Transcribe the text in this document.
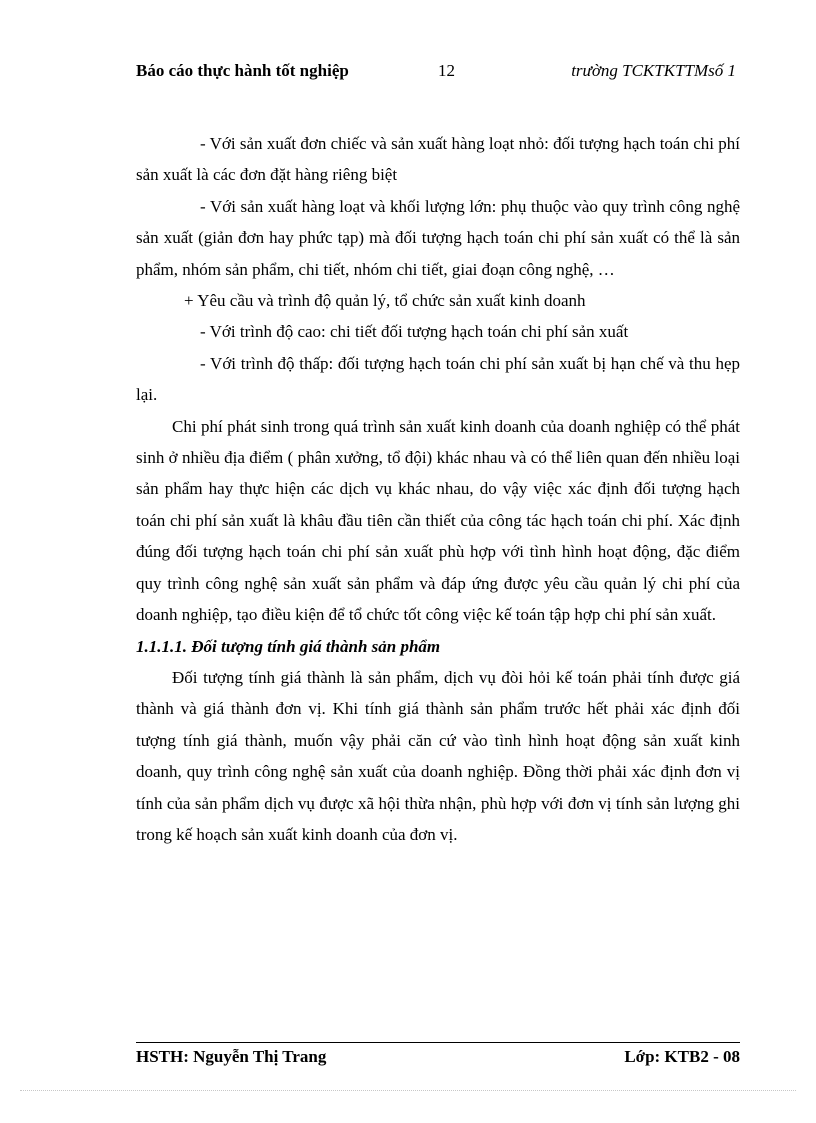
Báo cáo thực hành tốt nghiệp	12	trường TCKTKTTMsố 1

- Với sản xuất đơn chiếc và sản xuất hàng loạt nhỏ: đối tượng hạch toán chi phí sản xuất là các đơn đặt hàng riêng biệt

- Với sản xuất hàng loạt và khối lượng lớn: phụ thuộc vào quy trình công nghệ sản xuất (giản đơn hay phức tạp) mà đối tượng hạch toán chi phí sản xuất có thể là sản phẩm, nhóm sản phẩm, chi tiết, nhóm chi tiết, giai đoạn công nghệ, …

+ Yêu cầu và trình độ quản lý, tổ chức sản xuất kinh doanh

- Với trình độ cao: chi tiết đối tượng hạch toán chi phí sản xuất

- Với trình độ thấp: đối tượng hạch toán chi phí sản xuất bị hạn chế và thu hẹp lại.

Chi phí phát sinh trong quá trình sản xuất kinh doanh của doanh nghiệp có thể phát sinh ở nhiều địa điểm ( phân xưởng, tổ đội) khác nhau và có thể liên quan đến nhiều loại sản phẩm hay thực hiện các dịch vụ khác nhau, do vậy việc xác định đối tượng hạch toán chi phí sản xuất là khâu đầu tiên cần thiết của công tác hạch toán chi phí. Xác định đúng đối tượng hạch toán chi phí sản xuất phù hợp với tình hình hoạt động, đặc điểm quy trình công nghệ sản xuất sản phẩm và đáp ứng được yêu cầu quản lý chi phí của doanh nghiệp, tạo điều kiện để tổ chức tốt công việc kế toán tập hợp chi phí sản xuất.

1.1.1.1. Đối tượng tính giá thành sản phẩm

Đối tượng tính giá thành là sản phẩm, dịch vụ đòi hỏi kế toán phải tính được giá thành và giá thành đơn vị. Khi tính giá thành sản phẩm trước hết phải xác định đối tượng tính giá thành, muốn vậy phải căn cứ vào tình hình hoạt động sản xuất kinh doanh, quy trình công nghệ sản xuất của doanh nghiệp. Đồng thời phải xác định đơn vị tính của sản phẩm dịch vụ được xã hội thừa nhận, phù hợp với đơn vị tính sản lượng ghi trong kế hoạch sản xuất kinh doanh của đơn vị.

HSTH: Nguyễn Thị Trang	Lớp: KTB2 - 08
